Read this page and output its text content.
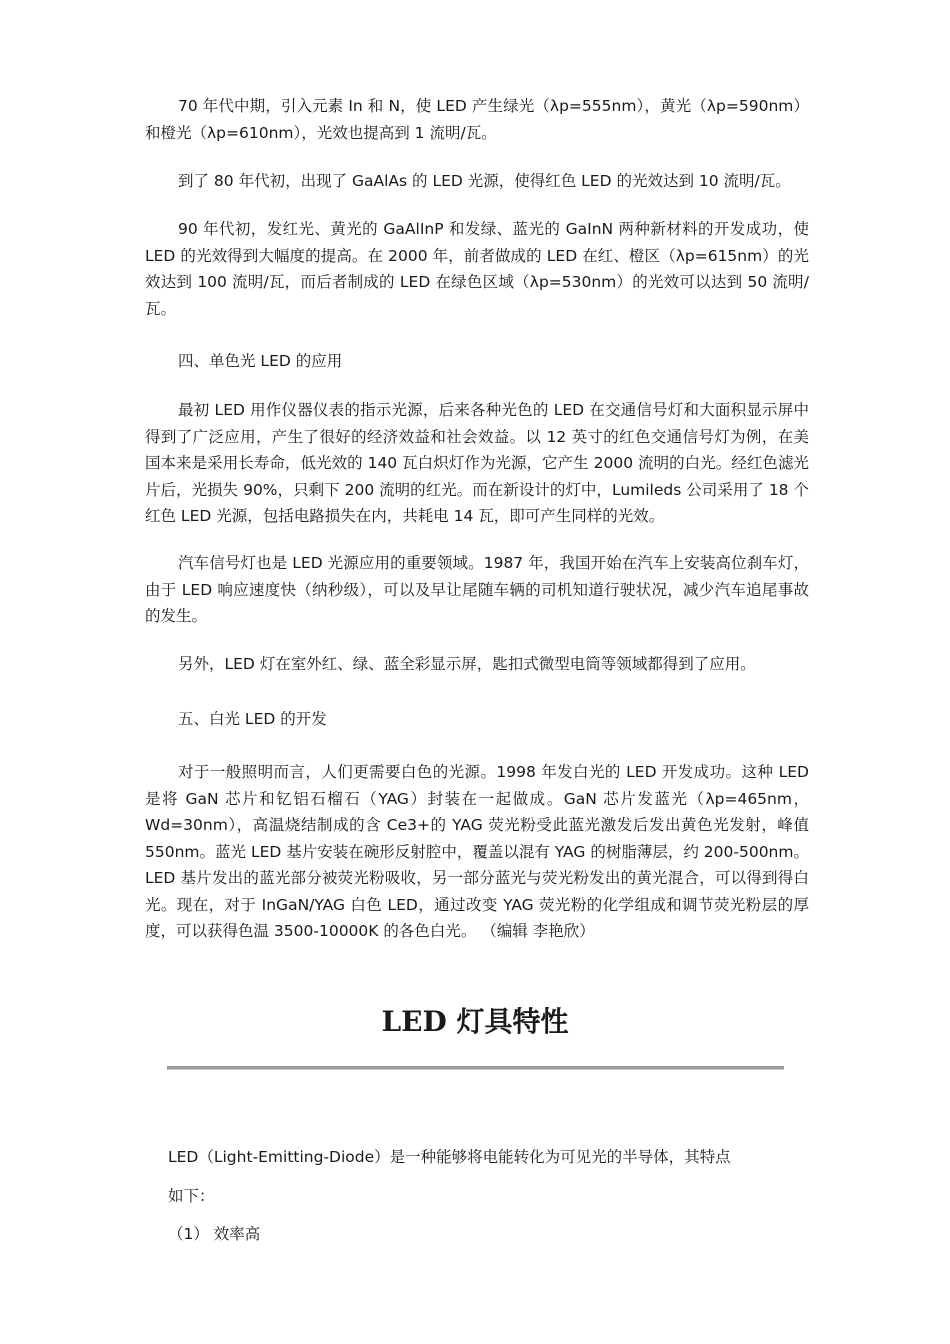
70 年代中期，引入元素 In 和 N，使 LED 产生绿光（λp=555nm），黄光（λp=590nm）和橙光（λp=610nm），光效也提高到 1 流明/瓦。

到了 80 年代初，出现了 GaAlAs 的 LED 光源，使得红色 LED 的光效达到 10 流明/瓦。

90 年代初，发红光、黄光的 GaAlInP 和发绿、蓝光的 GaInN 两种新材料的开发成功，使 LED 的光效得到大幅度的提高。在 2000 年，前者做成的 LED 在红、橙区（λp=615nm）的光效达到 100 流明/瓦，而后者制成的 LED 在绿色区域（λp=530nm）的光效可以达到 50 流明/瓦。

四、单色光 LED 的应用

最初 LED 用作仪器仪表的指示光源，后来各种光色的 LED 在交通信号灯和大面积显示屏中得到了广泛应用，产生了很好的经济效益和社会效益。以 12 英寸的红色交通信号灯为例，在美国本来是采用长寿命，低光效的 140 瓦白炽灯作为光源，它产生 2000 流明的白光。经红色滤光片后，光损失 90%，只剩下 200 流明的红光。而在新设计的灯中，Lumileds 公司采用了 18 个红色 LED 光源，包括电路损失在内，共耗电 14 瓦，即可产生同样的光效。

汽车信号灯也是 LED 光源应用的重要领域。1987 年，我国开始在汽车上安装高位刹车灯，由于 LED 响应速度快（纳秒级），可以及早让尾随车辆的司机知道行驶状况，减少汽车追尾事故的发生。

另外，LED 灯在室外红、绿、蓝全彩显示屏，匙扣式微型电筒等领域都得到了应用。

五、白光 LED 的开发

对于一般照明而言，人们更需要白色的光源。1998 年发白光的 LED 开发成功。这种 LED 是将 GaN 芯片和钇铝石榴石（YAG）封装在一起做成。GaN 芯片发蓝光（λp=465nm，Wd=30nm），高温烧结制成的含 Ce3+的 YAG 荧光粉受此蓝光激发后发出黄色光发射，峰值 550nm。蓝光 LED 基片安装在碗形反射腔中，覆盖以混有 YAG 的树脂薄层，约 200-500nm。 LED 基片发出的蓝光部分被荧光粉吸收，另一部分蓝光与荧光粉发出的黄光混合，可以得到得白光。现在，对于 InGaN/YAG 白色 LED，通过改变 YAG 荧光粉的化学组成和调节荧光粉层的厚度，可以获得色温 3500-10000K 的各色白光。 （编辑 李艳欣）

LED 灯具特性

LED（Light-Emitting-Diode）是一种能够将电能转化为可见光的半导体，其特点

如下：

（1） 效率高
